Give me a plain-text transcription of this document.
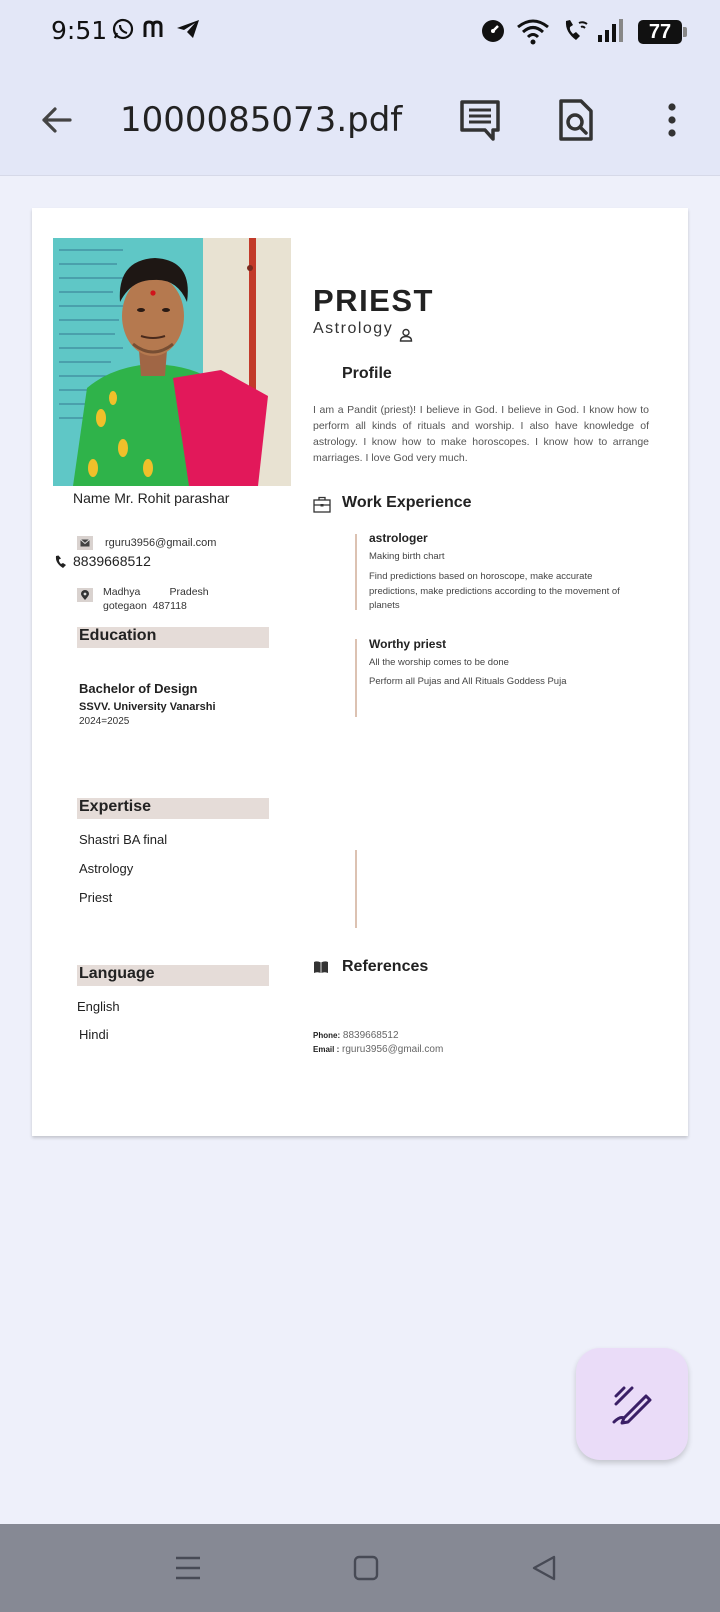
9:51	77
1000085073.pdf
Name Mr. Rohit parashar
rguru3956@gmail.com
8839668512
Madhya          Pradesh
gotegaon  487118
Education
Bachelor of Design
SSVV. University Vanarshi
2024=2025
Expertise
Shastri BA final
Astrology
Priest
Language
English
Hindi
PRIEST
Astrology
Profile
I am a Pandit (priest)! I believe in God. I believe in God. I know how to perform all kinds of rituals and worship. I also have knowledge of astrology. I know how to make horoscopes. I know how to arrange marriages. I love God very much.
Work Experience
astrologer
Making birth chart
Find predictions based on horoscope, make accurate predictions, make predictions according to the movement of planets
Worthy priest
All the worship comes to be done
Perform all Pujas and All Rituals Goddess Puja
References
Phone: 8839668512
Email : rguru3956@gmail.com
